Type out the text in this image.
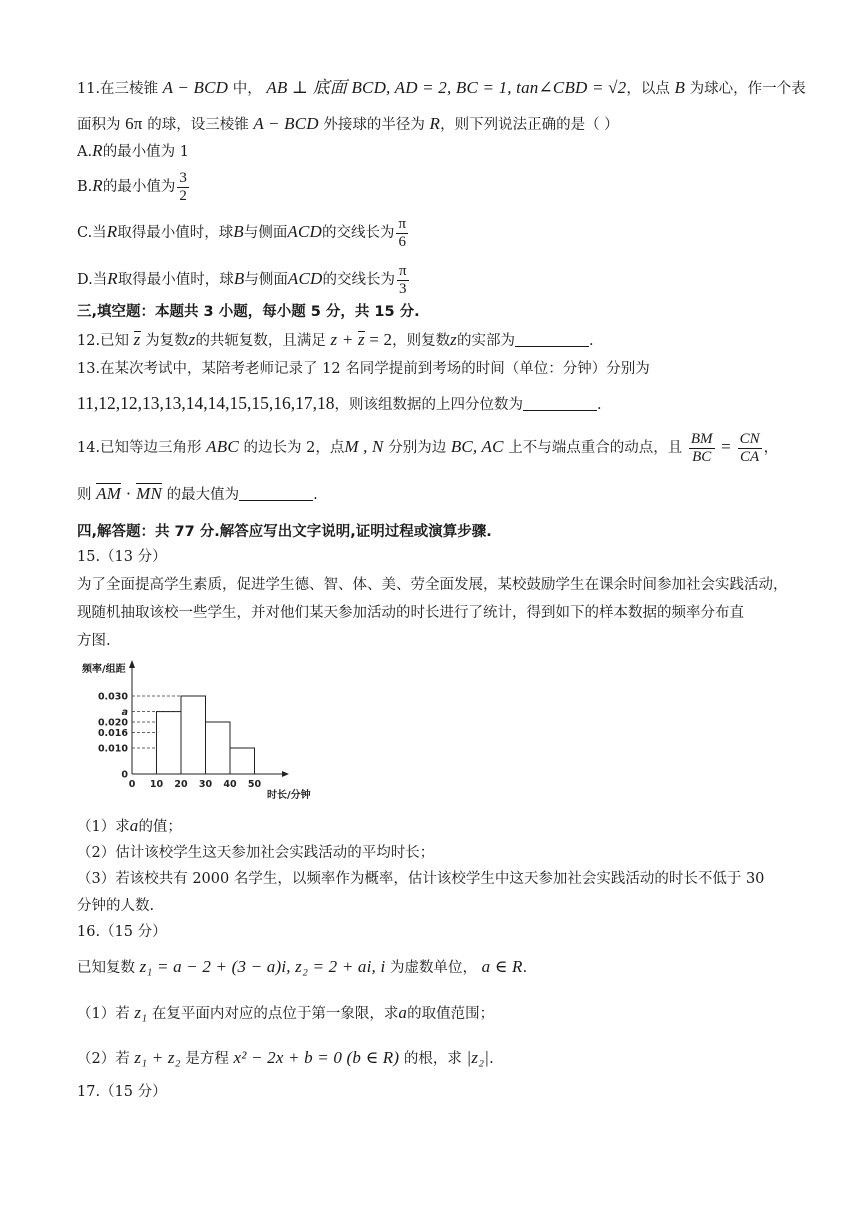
11.在三棱锥 A − BCD 中， AB ⊥ 底面 BCD, AD = 2, BC = 1, tan∠CBD = √2，以点 B 为球心，作一个表
面积为 6π 的球，设三棱锥 A − BCD 外接球的半径为 R，则下列说法正确的是（ ）
A.R的最小值为 1
B.R的最小值为 $\frac{3}{2}$
C.当R取得最小值时，球B与侧面ACD的交线长为 $\frac{\pi}{6}$
D.当R取得最小值时，球B与侧面ACD的交线长为 $\frac{\pi}{3}$
三,填空题：本题共 3 小题，每小题 5 分，共 15 分.
12.已知 z 为复数z的共轭复数，且满足 z + z = 2，则复数z的实部为	.
13.在某次考试中，某陪考老师记录了 12 名同学提前到考场的时间（单位：分钟）分别为
11,12,12,13,13,14,14,15,15,16,17,18，则该组数据的上四分位数为	.
14.已知等边三角形 ABC 的边长为 2，点M , N 分别为边 BC, AC 上不与端点重合的动点，且 $\frac{BM}{BC} = \frac{CN}{CA}$ ，
则 AM · MN 的最大值为	.
四,解答题：共 77 分.解答应写出文字说明,证明过程或演算步骤.
15.（13 分）
为了全面提高学生素质，促进学生德、智、体、美、劳全面发展，某校鼓励学生在课余时间参加社会实践活动，
现随机抽取该校一些学生，并对他们某天参加活动的时长进行了统计，得到如下的样本数据的频率分布直
方图.
0.030
a
0.020
0.016
0.010
0
0 10 20 30 40 50
频率/组距
时长/分钟
（1）求a的值；
（2）估计该校学生这天参加社会实践活动的平均时长；
（3）若该校共有 2000 名学生，以频率作为概率，估计该校学生中这天参加社会实践活动的时长不低于 30
分钟的人数.
16.（15 分）
已知复数 z₁ = a − 2 + (3 − a)i, z₂ = 2 + ai, i 为虚数单位， a ∈ R.
（1）若 z₁ 在复平面内对应的点位于第一象限，求a的取值范围；
（2）若 z₁ + z₂ 是方程 x² − 2x + b = 0 (b ∈ R) 的根，求 |z₂|.
17.（15 分）
